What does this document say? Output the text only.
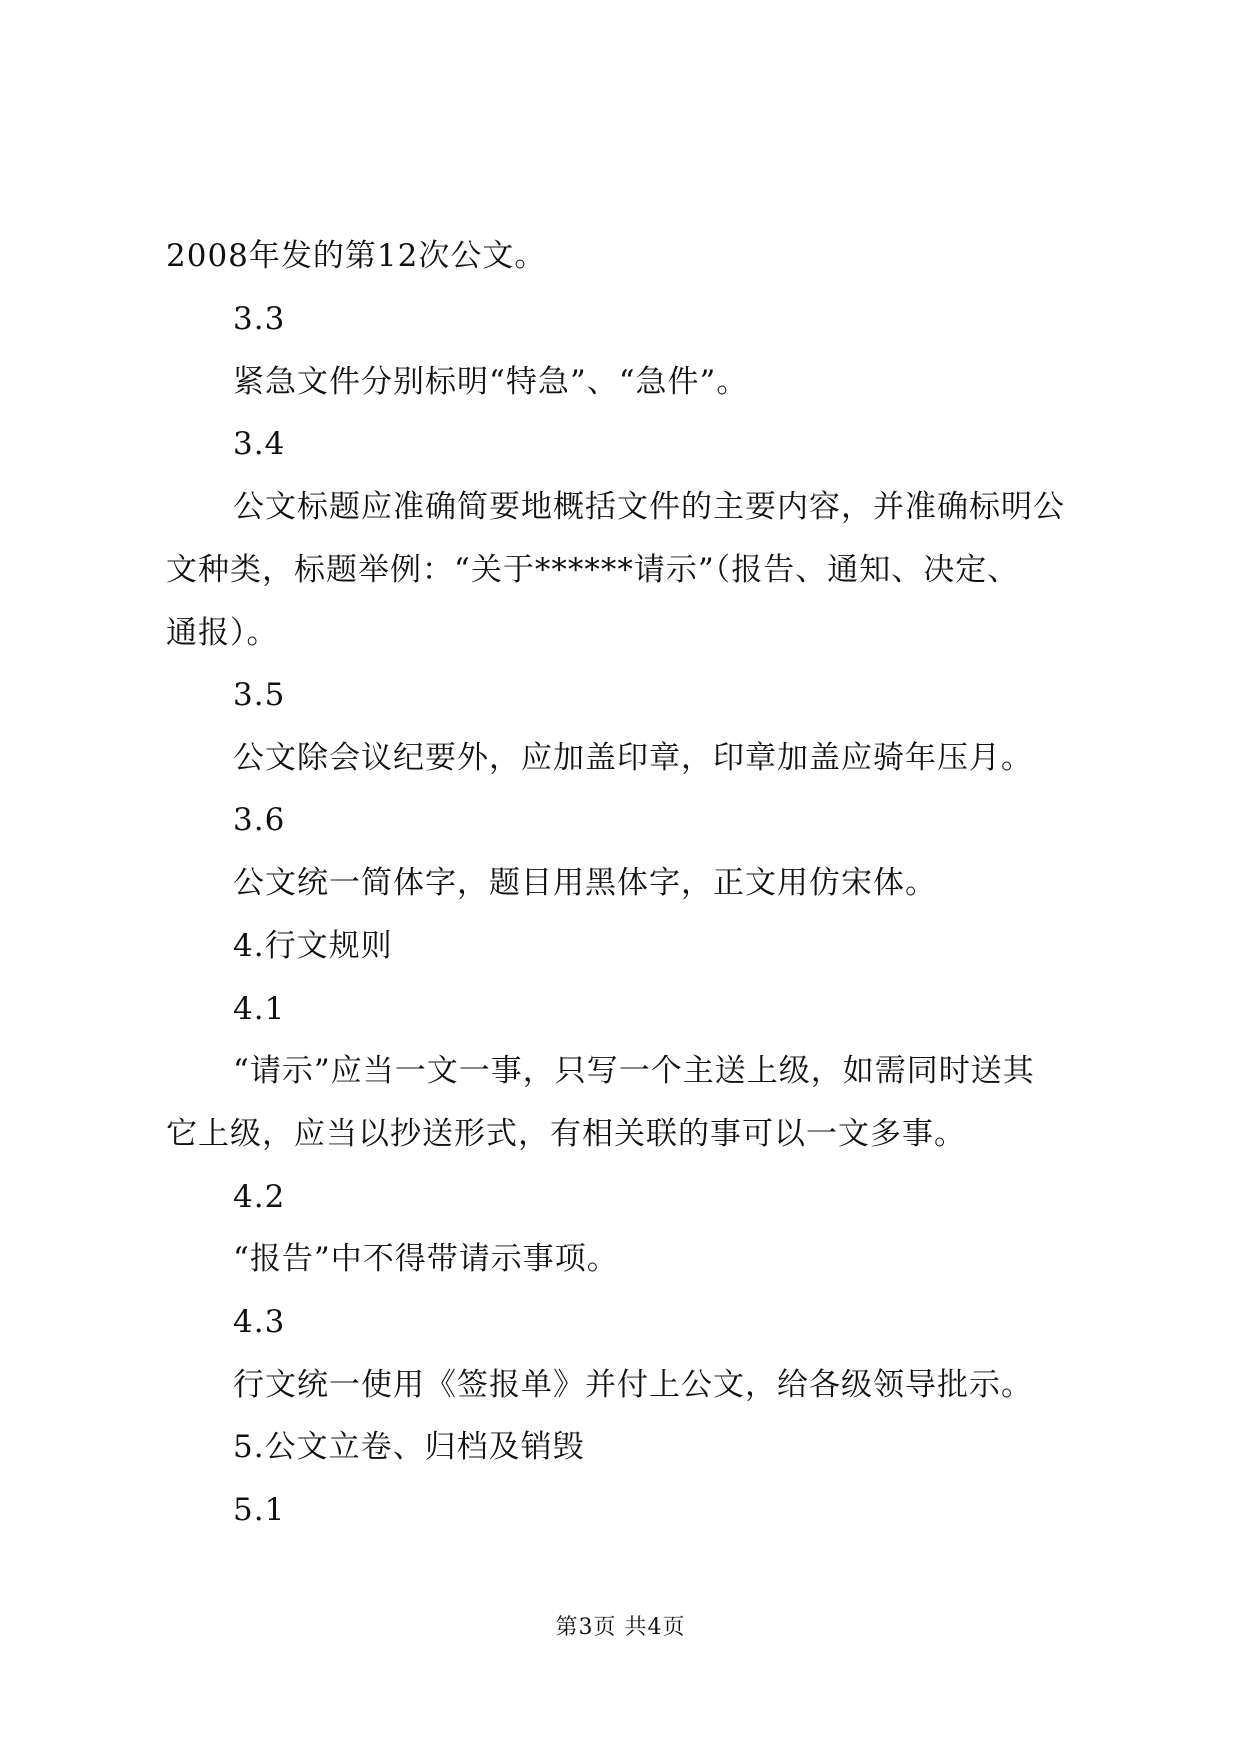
2008年发的第12次公文。
3.3
紧急文件分别标明“特急”、“急件”。
3.4
公文标题应准确简要地概括文件的主要内容，并准确标明公
文种类，标题举例：“关于******请示”（报告、通知、决定、
通报）。
3.5
公文除会议纪要外，应加盖印章，印章加盖应骑年压月。
3.6
公文统一简体字，题目用黑体字，正文用仿宋体。
4.行文规则
4.1
“请示”应当一文一事，只写一个主送上级，如需同时送其
它上级，应当以抄送形式，有相关联的事可以一文多事。
4.2
“报告”中不得带请示事项。
4.3
行文统一使用《签报单》并付上公文，给各级领导批示。
5.公文立卷、归档及销毁
5.1
第3页 共4页
